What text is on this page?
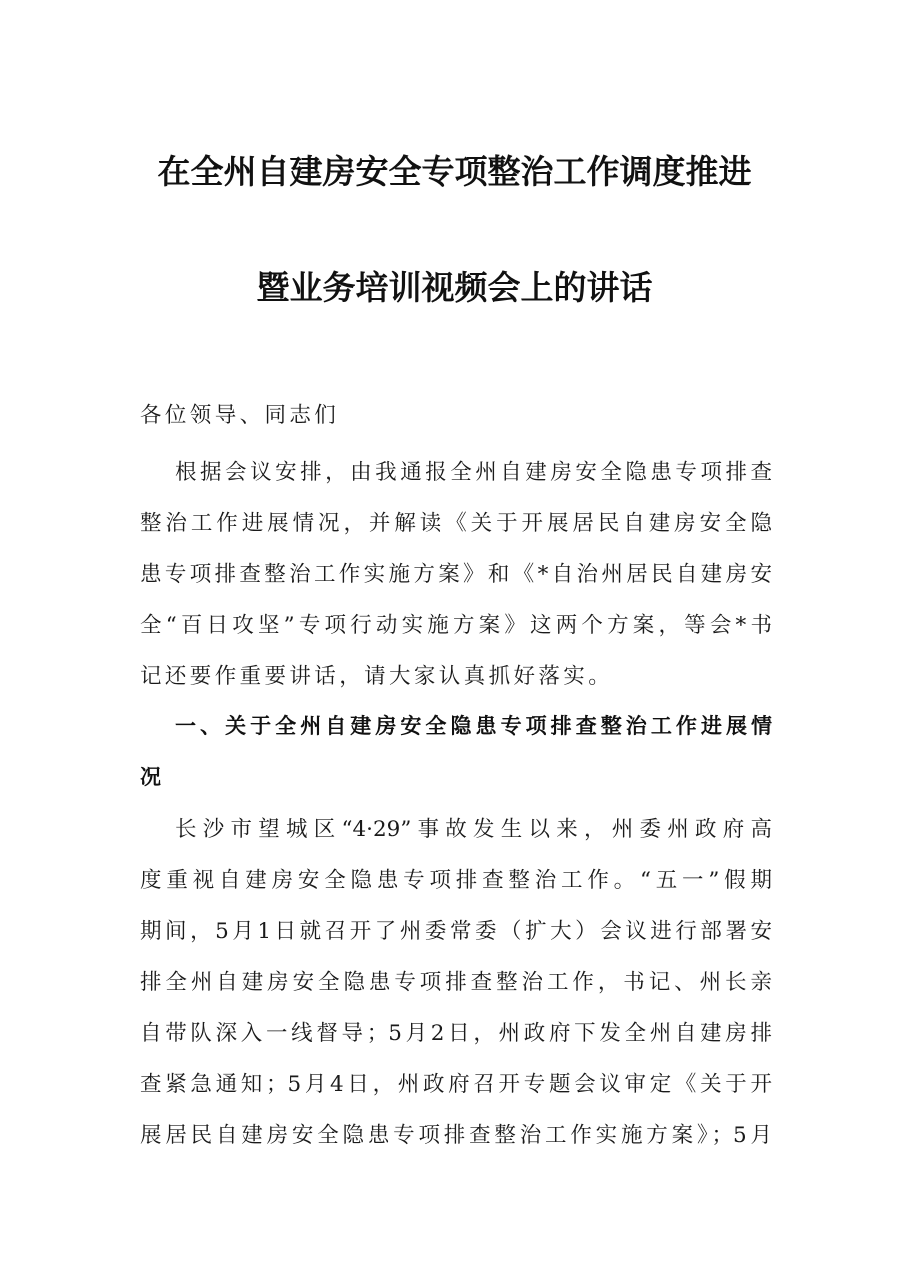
在全州自建房安全专项整治工作调度推进
暨业务培训视频会上的讲话
各位领导、同志们
根据会议安排，由我通报全州自建房安全隐患专项排查
整治工作进展情况，并解读《关于开展居民自建房安全隐
患专项排查整治工作实施方案》和《*自治州居民自建房安
全“百日攻坚”专项行动实施方案》这两个方案，等会*书
记还要作重要讲话，请大家认真抓好落实。
一、关于全州自建房安全隐患专项排查整治工作进展情
况
长沙市望城区“4·29”事故发生以来，州委州政府高
度重视自建房安全隐患专项排查整治工作。“五一”假期
期间，5月1日就召开了州委常委（扩大）会议进行部署安
排全州自建房安全隐患专项排查整治工作，书记、州长亲
自带队深入一线督导；5月2日，州政府下发全州自建房排
查紧急通知；5月4日，州政府召开专题会议审定《关于开
展居民自建房安全隐患专项排查整治工作实施方案》；5月
